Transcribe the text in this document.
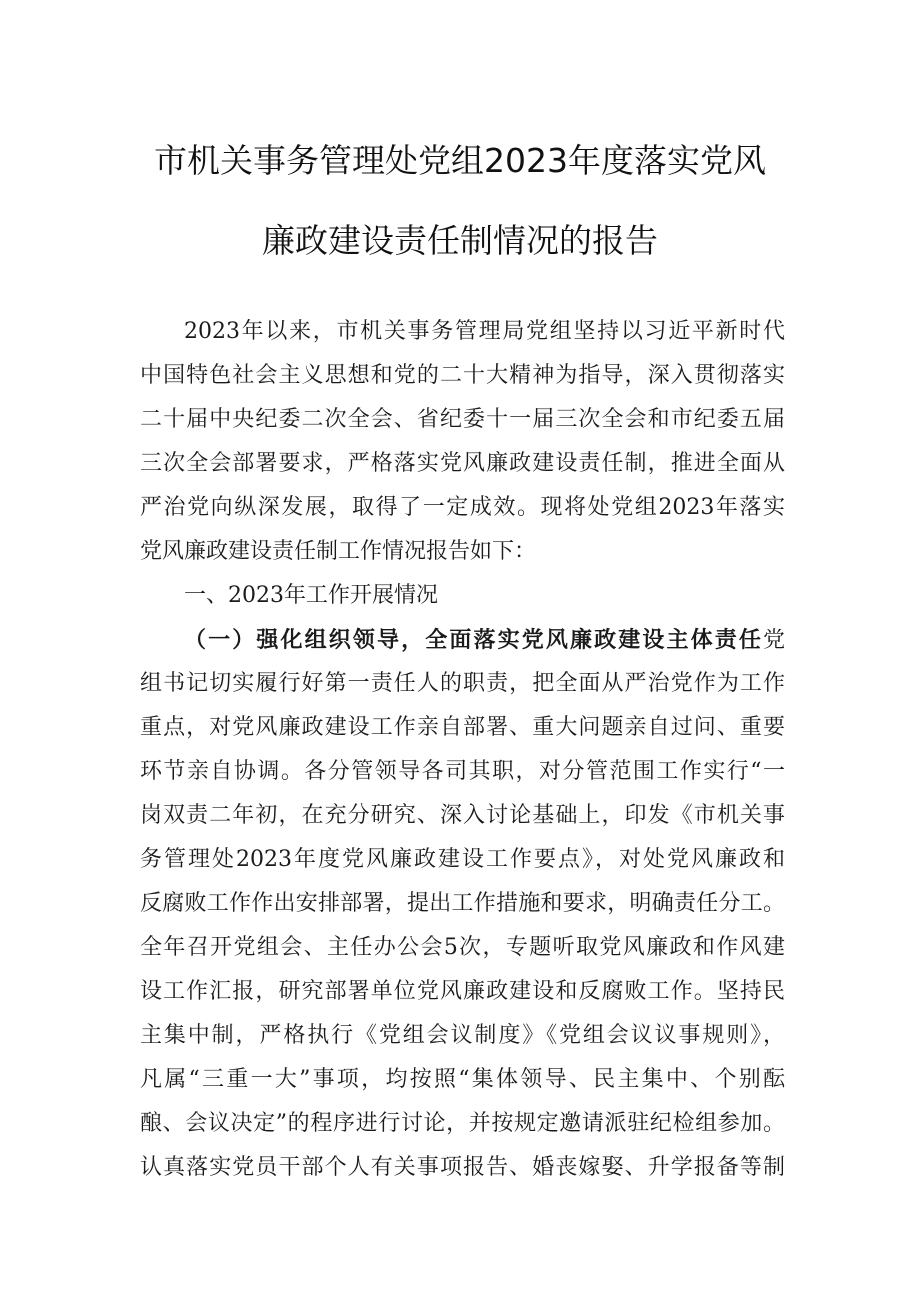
市机关事务管理处党组2023年度落实党风
廉政建设责任制情况的报告
2023年以来，市机关事务管理局党组坚持以习近平新时代
中国特色社会主义思想和党的二十大精神为指导，深入贯彻落实
二十届中央纪委二次全会、省纪委十一届三次全会和市纪委五届
三次全会部署要求，严格落实党风廉政建设责任制，推进全面从
严治党向纵深发展，取得了一定成效。现将处党组2023年落实
党风廉政建设责任制工作情况报告如下：
一、2023年工作开展情况
（一）强化组织领导，全面落实党风廉政建设主体责任党
组书记切实履行好第一责任人的职责，把全面从严治党作为工作
重点，对党风廉政建设工作亲自部署、重大问题亲自过问、重要
环节亲自协调。各分管领导各司其职，对分管范围工作实行“一
岗双责二年初，在充分研究、深入讨论基础上，印发《市机关事
务管理处2023年度党风廉政建设工作要点》，对处党风廉政和
反腐败工作作出安排部署，提出工作措施和要求，明确责任分工。
全年召开党组会、主任办公会5次，专题听取党风廉政和作风建
设工作汇报，研究部署单位党风廉政建设和反腐败工作。坚持民
主集中制，严格执行《党组会议制度》《党组会议议事规则》，
凡属“三重一大”事项，均按照“集体领导、民主集中、个别酝
酿、会议决定”的程序进行讨论，并按规定邀请派驻纪检组参加。
认真落实党员干部个人有关事项报告、婚丧嫁娶、升学报备等制
